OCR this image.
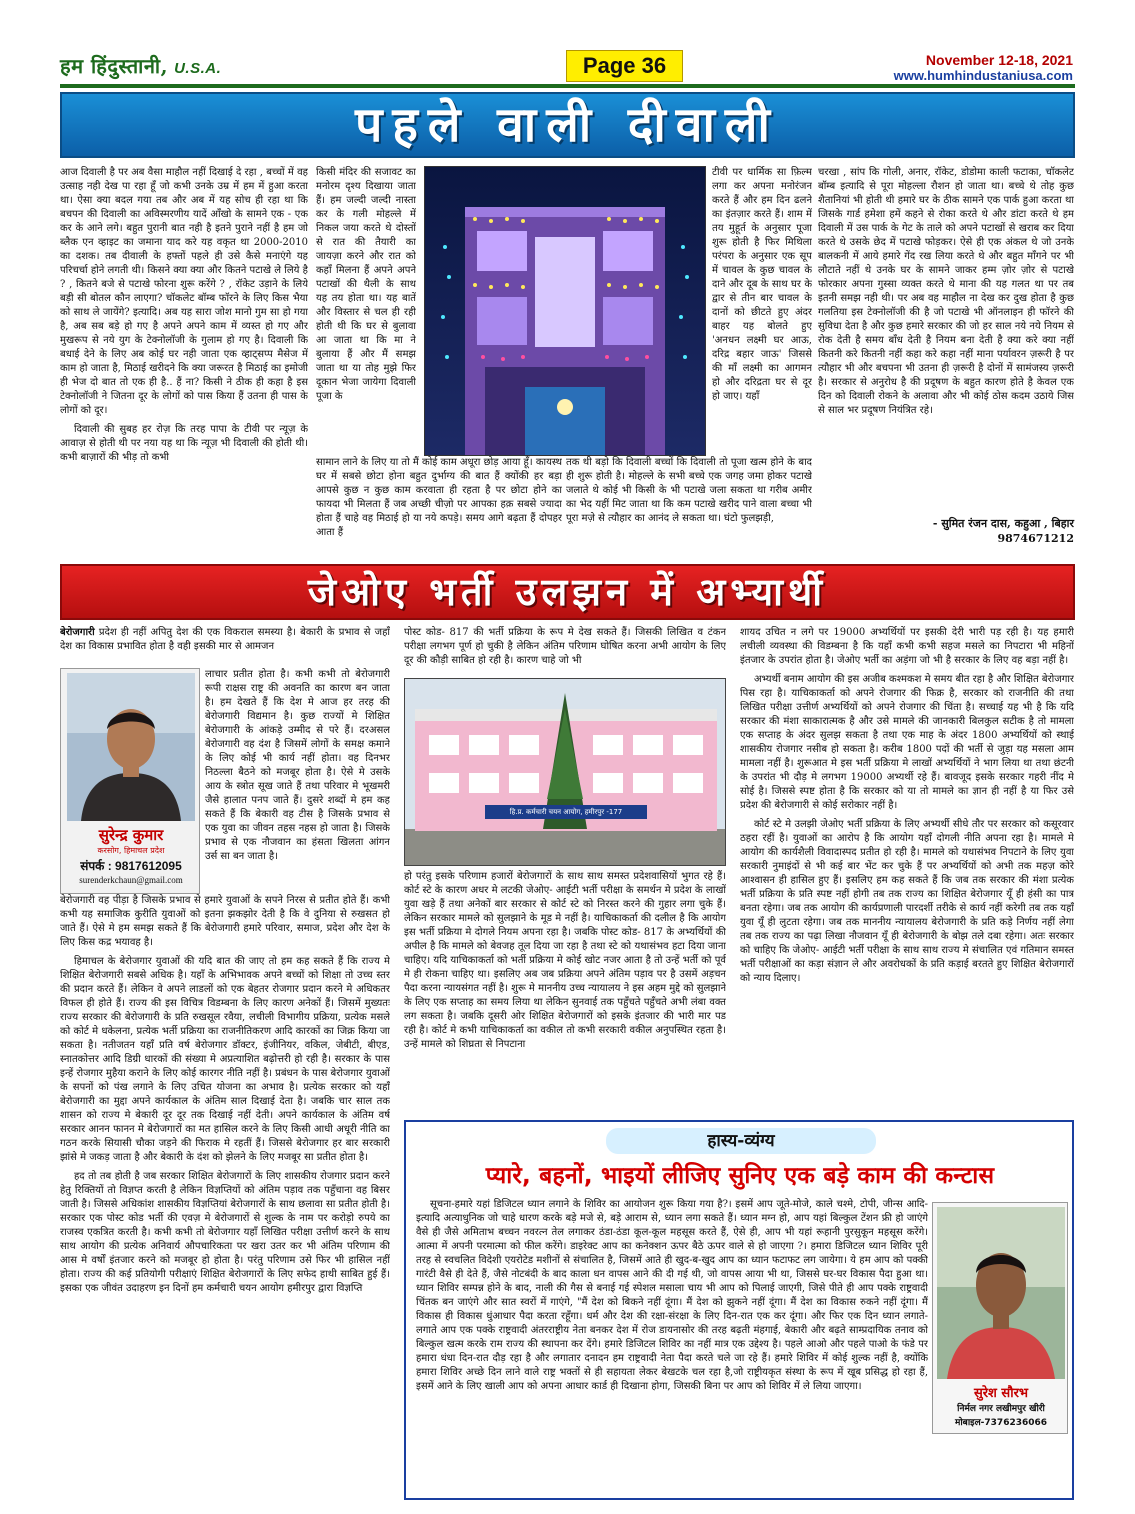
हम हिंदुस्तानी, U.S.A.	Page 36	November 12-18, 2021
www.humhindustaniusa.com
पहले वाली दीवाली

आज दिवाली है पर अब वैसा माहौल नहीं दिखाई दे रहा , बच्चों में वह उत्साह नही देख पा रहा हूँ जो कभी उनके उम्र में हम में हुआ करता था। ऐसा क्या बदल गया तब और अब में यह सोच ही रहा था कि बचपन की दिवाली का अविस्मरणीय यादें आँखो के सामने एक - एक कर के आने लगे। बहुत पुरानी बात नही है इतने पुराने नहीं है हम जो ब्लैक एन व्हाइट का जमाना याद करे यह वकृत था 2000-2010 का दशक। तब दीवाली के हफ्तों पहले ही उसे कैसे मनाएंगे यह परिचर्चा होने लगती थी। किसने क्या क्या और कितने पटाखे ले लिये है ? , कितने बजे से पटाखे फोरना शुरू करेंगे ? , रॉकेट उड़ाने के लिये बड़ी सी बोतल कौन लाएगा? चॉकलेट बॉम्ब फॉरने के लिए किस भैया को साथ ले जायेंगे? इत्यादि। अब यह सारा जोश मानो गुम सा हो गया है, अब सब बड़े हो गए है अपने अपने काम में व्यस्त हो गए और मुखरूप से नये युग के टेक्नोलॉजी के गुलाम हो गए है। दिवाली कि बधाई देने के लिए अब कोई घर नही जाता एक व्हाट्सप्प मैसेज में काम हो जाता है, मिठाई खरीदने कि क्या जरूरत है मिठाई का इमोजी ही भेज दो बात तो एक ही है.. हैं ना? किसी ने ठीक ही कहा है इस टेक्नोलॉजी ने जितना दूर के लोगों को पास किया हैं उतना ही पास के लोगों को दूर।

दिवाली की सुबह हर रोज़ कि तरह पापा के टीवी पर न्यूज़ के आवाज़ से होती थी पर नया यह था कि न्यूज़ भी दिवाली की होती थी। कभी बाज़ारों की भीड़ तो कभी

किसी मंदिर की सजावट का मनोरम दृश्य दिखाया जाता हैं। हम जल्दी जल्दी नास्ता कर के गली मोहल्ले में निकल जया करते थे दोस्तों से रात की तैयारी का जायज़ा करने और रात को कहाँ मिलना हैं अपने अपने पटाखों की थैली के साथ यह तय होता था। यह बातें और विस्तार से चल ही रही होती थी कि घर से बुलावा आ जाता था कि मा ने बुलाया हैं और मैं समझ जाता था या तोह मुझे फिर दूकान भेजा जायेगा दिवाली पूजा के

टीवी पर धार्मिक सा फ़िल्म लगा कर अपना मनोरंजन करते हैं और हम दिन ढलने का इंतज़ार करते हैं। शाम में तय मुहूर्त के अनुसार पूजा शुरू होती है फिर मिथिला परंपरा के अनुसार एक सूप में चावल के कुछ चावल के दाने और दूब के साथ घर के द्वार से तीन बार चावल के दानों को छीटते हुए अंदर बाहर यह बोलते हुए 'अनधन लक्ष्मी घर आऊ, दरिद्र बहार जाऊ' जिससे की माँ लक्ष्मी का आगमन हो और दरिद्रता घर से दूर हो जाए। यहाँ

सामान लाने के लिए या तो मैं कोई काम अधूरा छोड़ आया हूँ। कायस्थ घर में सबसे छोटा होना बहुत दुर्भाग्य की बात हैं क्योंकी हर बड़ा आपसे कुछ न कुछ काम करवाता ही रहता है पर छोटा होने का फायदा भी मिलता हैं जब अच्छी चीज़ो पर आपका हक़ सबसे ज्यादा होता हैं चाहे वह मिठाई हो या नये कपड़े। समय आगे बढ़ता हैं दोपहर आता हैं

तक थी बड़ो कि दिवाली बच्चों कि दिवाली तो पूजा खत्म होने के बाद ही शुरू होती है। मोहल्ले के सभी बच्चे एक जगह जमा होकर पटाखे जलाते थे कोई भी किसी के भी पटाखे जला सकता था गरीब अमीर का भेद यहीं मिट जाता था कि कम पटाखे खरीद पाने वाला बच्चा भी पूरा मज़े से त्यौहार का आनंद ले सकता था। घंटो फुलझड़ी,

चरखा , सांप कि गोली, अनार, रॉकेट, डोडोमा काली फटाका, चॉकलेट बॉम्ब इत्यादि से पूरा मोहल्ला रौशन हो जाता था। बच्चे थे तोह कुछ शैतानियां भी होती थी हमारे घर के ठीक सामने एक पार्क हुआ करता था जिसके गार्ड हमेशा हमें कहने से रोका करते थे और डांटा करते थे हम दिवाली में उस पार्क के गेट के ताले को अपने पटाखों से खराब कर दिया करते थे उसके छेद में पटाखे फोड़कर। ऐसे ही एक अंकल थे जो उनके बालकनी में आये हमारे गेंद रख लिया करते थे और बहुत माँगने पर भी लौटाते नहीं थे उनके घर के सामने जाकर हम्म ज़ोर ज़ोर से पटाखे फोरकार अपना गुस्सा व्यक्त करते थे माना की यह गलत था पर तब इतनी समझ नही थी। पर अब वह माहौल ना देख कर दुख होता है कुछ गलतिया इस टेक्नोलॉजी की है जो पटाखे भी ऑनलाइन ही फॉरने की सुविधा देता है और कुछ हमारे सरकार की जो हर साल नये नये नियम से रोक देती है समय बाँध देती है नियम बना देती है क्या करे क्या नहीं कितनी करे कितनी नहीं कहा करे कहा नहीं माना पर्यावरन ज़रूरी है पर त्यौहार भी और बचपना भी उतना ही ज़रूरी है दोनों में सामंजस्य ज़रूरी है। सरकार से अनुरोध है की प्रदूषण के बहुत कारण होते है केवल एक दिन को दिवाली रोकने के अलावा और भी कोई ठोस कदम उठाये जिस से साल भर प्रदूषण नियंत्रित रहे।

- सुमित रंजन दास, कहुआ , बिहार
9874671212
जेओए भर्ती उलझन में अभ्यार्थी

बेरोजगारी प्रदेश ही नहीं अपितु देश की एक विकराल समस्या है। बेकारी के प्रभाव से जहाँ देश का विकास प्रभावित होता है वही इसकी मार से आमजन

सुरेन्द्र कुमार
करसोग, हिमाचल प्रदेश
संपर्क : 9817612095
surenderkchaun@gmail.com

लाचार प्रतीत होता है। कभी कभी तो बेरोजगारी रूपी राक्षस राष्ट्र की अवनति का कारण बन जाता है। हम देखते हैं कि देश मे आज हर तरह की बेरोजगारी विद्यमान है। कुछ राज्यों मे शिक्षित बेरोजगारी के आंकड़े उम्मीद से परे हैं। दरअसल बेरोजगारी वह दंश है जिसमें लोगों के समक्ष कमाने के लिए कोई भी कार्य नहीं होता। वह दिनभर निठल्ला बैठने को मजबूर होता है। ऐसे मे उसके आय के स्त्रोत सूख जाते हैं तथा परिवार मे भूखमरी जैसे हालात पनप जाते हैं। दुसरे शब्दों मे हम कह सकते हैं कि बेकारी वह टीस है जिसके प्रभाव से एक युवा का जीवन तहस नहस हो जाता है। जिसके प्रभाव से एक नौजवान का हंसता खिलता आंगन उर्स सा बन जाता है।

बेरोजगारी वह पीड़ा है जिसके प्रभाव से हमारे युवाओं के सपने निरस से प्रतीत होते हैं। कभी कभी यह समाजिक कुरीति युवाओं को इतना झकझोर देती है कि वे दुनिया से रुखसत हो जाते हैं। ऐसे मे हम समझ सकते हैं कि बेरोजगारी हमारे परिवार, समाज, प्रदेश और देश के लिए किस कद्र भयावह है।

हिमाचल के बेरोजगार युवाओं की यदि बात की जाए तो हम कह सकते हैं कि राज्य मे शिक्षित बेरोजगारी सबसे अधिक है। यहाँ के अभिभावक अपने बच्चों को शिक्षा तो उच्च स्तर की प्रदान करते हैं। लेकिन वे अपने लाडलों को एक बेहतर रोजगार प्रदान करने मे अधिकतर विफल ही होते हैं। राज्य की इस विचित्र विडम्बना के लिए कारण अनेकों हैं। जिसमें मुख्यतः राज्य सरकार की बेरोजगारी के प्रति रुखसूल रवैया, लचीली विभागीय प्रक्रिया, प्रत्येक मसले को कोर्ट मे धकेलना, प्रत्येक भर्ती प्रक्रिया का राजनीतिकरण आदि कारकों का जिक्र किया जा सकता है। नतीजतन यहाँ प्रति वर्ष बेरोजगार डॉक्टर, इंजीनियर, वकिल, जेबीटी, बीएड, स्नातकोत्तर आदि डिग्री धारकों की संख्या मे अप्रत्याशित बढ़ोत्तरी हो रही है। सरकार के पास इन्हें रोजगार मुहैया कराने के लिए कोई कारगर नीति नहीं है। प्रबंधन के पास बेरोजगार युवाओं के सपनों को पंख लगाने के लिए उचित योजना का अभाव है। प्रत्येक सरकार को यहाँ बेरोजगारी का मुद्दा अपने कार्यकाल के अंतिम साल दिखाई देता है। जबकि चार साल तक शासन को राज्य मे बेकारी दूर दूर तक दिखाई नहीं देती। अपने कार्यकाल के अंतिम वर्ष सरकार आनन फानन मे बेरोजगारों का मत हासिल करने के लिए किसी आधी अधूरी नीति का गठन करके सियासी चौका जड़ने की फिराक मे रहतीं हैं। जिससे बेरोजगार हर बार सरकारी झांसे मे जकड़ जाता है और बेकारी के दंश को झेलने के लिए मजबूर सा प्रतीत होता है।

हद तो तब होती है जब सरकार शिक्षित बेरोजगारों के लिए शासकीय रोजगार प्रदान करने हेतु रिक्तियों तो विज्ञप्त करती है लेकिन विज्ञप्तियों को अंतिम पड़ाव तक पहुँचाना वह बिसर जाती है। जिससे अधिकांश शासकीय विज्ञप्तियां बेरोजगारों के साथ छलावा सा प्रतीत होती है। सरकार एक पोस्ट कोड भर्ती की एवज़ मे बेरोजगारों से शुल्क के नाम पर करोड़ो रुपये का राजस्व एकत्रित करती है। कभी कभी तो बेरोजगार यहाँ लिखित परीक्षा उत्तीर्ण करने के साथ साथ आयोग की प्रत्येक अनिवार्य औपचारिकता पर खरा उतर कर भी अंतिम परिणाम की आस मे वर्षों इंतजार करने को मजबूर हो होता है। परंतु परिणाम उसे फिर भी हासिल नहीं होता। राज्य की कई प्रतियोगी परीक्षाएं शिक्षित बेरोजगारों के लिए सफेद हाथी साबित हुई हैं। इसका एक जीवंत उदाहरण इन दिनों हम कर्मचारी चयन आयोग हमीरपुर द्वारा विज्ञप्ति

पोस्ट कोड- 817 की भर्ती प्रक्रिया के रूप मे देख सकते हैं। जिसकी लिखित व टंकन परीक्षा लगभग पूर्ण हो चुकी है लेकिन अंतिम परिणाम घोषित करना अभी आयोग के लिए दूर की कौड़ी साबित हो रही है। कारण चाहे जो भी

हि.प्र. कर्मचारी चयन आयोग, हमीरपुर -177

हो परंतु इसके परिणाम हजारों बेरोजगारों के साथ साथ समस्त प्रदेशवासियों भुगत रहे हैं। कोर्ट स्टे के कारण अधर मे लटकी जेओए- आईटी भर्ती परीक्षा के समर्थन मे प्रदेश के लाखों युवा खड़े हैं तथा अनेकों बार सरकार से कोर्ट स्टे को निरस्त करने की गुहार लगा चुके हैं। लेकिन सरकार मामले को सुलझाने के मूड मे नहीं है। याचिकाकर्ता की दलील है कि आयोग इस भर्ती प्रक्रिया मे दोगले नियम अपना रहा है। जबकि पोस्ट कोड- 817 के अभ्यर्थियों की अपील है कि मामले को बेवजह तूल दिया जा रहा है तथा स्टे को यथासंभव हटा दिया जाना चाहिए। यदि याचिकाकर्ता को भर्ती प्रक्रिया मे कोई खोट नजर आता है तो उन्हें भर्ती को पूर्व मे ही रोकना चाहिए था। इसलिए अब जब प्रक्रिया अपने अंतिम पड़ाव पर है उसमें अड़चन पैदा करना न्यायसंगत नहीं है। शुरू मे माननीय उच्च न्यायालय ने इस अहम मुद्दे को सुलझाने के लिए एक सप्ताह का समय लिया था लेकिन सुनवाई तक पहुँचते पहुँचते अभी लंबा वक्त लग सकता है। जबकि दूसरी ओर शिक्षित बेरोजगारों को इसके इंतजार की भारी मार पड रही है। कोर्ट मे कभी याचिकाकर्ता का वकील तो कभी सरकारी वकील अनुपस्थित रहता है। उन्हें मामले को शिघ्रता से निपटाना

शायद उचित न लगे पर 19000 अभ्यर्थियों पर इसकी देरी भारी पड़ रही है। यह हमारी लचीली व्यवस्था की विडम्बना है कि यहाँ कभी कभी सहज मसले का निपटारा भी महिनों इंतजार के उपरांत होता है। जेओए भर्ती का अड़ंगा जो भी है सरकार के लिए वह बड़ा नहीं है।

अभ्यर्थी बनाम आयोग की इस अजीब कश्मकश मे समय बीत रहा है और शिक्षित बेरोजगार पिस रहा है। याचिकाकर्ता को अपने रोजगार की फिक्र है, सरकार को राजनीति की तथा लिखित परीक्षा उत्तीर्ण अभ्यर्थियों को अपने रोजगार की चिंता है। सच्चाई यह भी है कि यदि सरकार की मंशा साकारात्मक है और उसे मामले की जानकारी बिलकुल सटीक है तो मामला एक सप्ताह के अंदर सुलझ सकता है तथा एक माह के अंदर 1800 अभ्यर्थियों को स्थाई शासकीय रोजगार नसीब हो सकता है। करीब 1800 पदों की भर्ती से जुड़ा यह मसला आम मामला नहीं है। शुरूआत मे इस भर्ती प्रक्रिया मे लाखों अभ्यर्थियों ने भाग लिया था तथा छंटनी के उपरांत भी दौड़ मे लगभग 19000 अभ्यर्थी रहे हैं। बावजूद इसके सरकार गहरी नींद मे सोई है। जिससे स्पष्ट होता है कि सरकार को या तो मामले का ज्ञान ही नहीं है या फिर उसे प्रदेश की बेरोजगारी से कोई सरोकार नहीं है।

कोर्ट स्टे मे उलझी जेओए भर्ती प्रक्रिया के लिए अभ्यर्थी सीधे तौर पर सरकार को कसूरवार ठहरा रहीं है। युवाओं का आरोप है कि आयोग यहाँ दोगली नीति अपना रहा है। मामले मे आयोग की कार्यशैली विवादास्पद प्रतीत हो रही है। मामले को यथासंभव निपटाने के लिए युवा सरकारी नुमाइंदों से भी कई बार भेंट कर चुके हैं पर अभ्यर्थियों को अभी तक महज़ कोरे आश्वासन ही हासिल हुए हैं। इसलिए हम कह सकते हैं कि जब तक सरकार की मंशा प्रत्येक भर्ती प्रक्रिया के प्रति स्पष्ट नहीं होगी तब तक राज्य का शिक्षित बेरोजगार यूँ ही हंसी का पात्र बनता रहेगा। जब तक आयोग की कार्यप्रणाली पारदर्शी तरीके से कार्य नहीं करेगी तब तक यहाँ युवा यूँ ही लुटता रहेगा। जब तक माननीय न्यायालय बेरोजगारी के प्रति कड़े निर्णय नहीं लेगा तब तक राज्य का पढ़ा लिखा नौजवान यूँ ही बेरोजगारी के बोझ तले दबा रहेगा। अतः सरकार को चाहिए कि जेओए- आईटी भर्ती परीक्षा के साथ साथ राज्य मे संचालित एवं गतिमान समस्त भर्ती परीक्षाओं का कड़ा संज्ञान ले और अवरोधकों के प्रति कड़ाई बरतते हुए शिक्षित बेरोजगारों को न्याय दिलाए।

हास्य-व्यंग्य
प्यारे, बहनों, भाइयों लीजिए सुनिए एक बड़े काम की कन्टास

सूचना-हमारे यहां डिजिटल ध्यान लगाने के शिविर का आयोजन शुरू किया गया है?। इसमें आप जूते-मोजे, काले चश्मे, टोपी, जीन्स आदि-इत्यादि अत्याधुनिक जो चाहे धारण करके बड़े मजे से, बड़े आराम से, ध्यान लगा सकते हैं। ध्यान मग्न हो, आप यहां बिल्कुल टेंशन फ्री हो जाएंगे वैसे ही जैसे अमिताभ बच्चन नवरत्न तेल लगाकर ठंडा-ठंडा कूल-कूल महसूस करते हैं, ऐसे ही, आप भी यहां रूहानी पुरसुकून महसूस करेंगे। आत्मा में अपनी परमात्मा को फील करेंगे। डाइरेक्ट आप का कनेक्शन ऊपर बैठे ऊपर वाले से हो जाएगा ?। हमारा डिजिटल ध्यान शिविर पूरी तरह से स्वचलित विदेशी एयरोटेड मशीनों से संचालित है, जिसमें आते ही खुद-ब-खुद आप का ध्यान फटाफट लग जायेगा। ये हम आप को पक्की गारंटी वैसे ही देते हैं, जैसे नोटबंदी के बाद काला धन वापस आने की दी गई थी, जो वापस आया भी था, जिससे घर-घर विकास पैदा हुआ था। ध्यान शिविर सम्पन्न होने के बाद, नाली की गैस से बनाई गई स्पेशल मसाला चाय भी आप को पिलाई जाएगी, जिसे पीते ही आप पक्के राष्ट्रवादी चिंतक बन जाएंगे और सात स्वरों में गाएंगे, "मैं देश को बिकने नहीं दूंगा। मैं देश को झुकने नहीं दूंगा। मैं देश का विकास रुकने नहीं दूंगा। मैं विकास ही विकास धुंआधार पैदा करता रहूँगा। धर्म और देश की रक्षा-संरक्षा के लिए दिन-रात एक कर दूंगा। और फिर एक दिन ध्यान लगाते-लगाते आप एक पक्के राष्ट्रवादी अंतरराष्ट्रीय नेता बनकर देश में रोज डायनासोर की तरह बढ़ती मंहगाई, बेकारी और बढ़ते साम्प्रदायिक तनाव को बिल्कुल खत्म करके राम राज्य की स्थापना कर देंगे। हमारे डिजिटल शिविर का नहीं मात्र एक उद्देश्य है। पहले आओ और पहले पाओ के फंडे पर हमारा धंधा दिन-रात दौड़ रहा है और लगातार दनादन हम राष्ट्रवादी नेता पैदा करते चले जा रहे हैं। हमारे शिविर में कोई शुल्क नहीं है, क्योंकि हमारा शिविर अच्छे दिन लाने वाले राष्ट्र भक्तों से ही सहायता लेकर बेखटके चल रहा है,जो राष्ट्रीयकृत संस्था के रूप में खूब प्रसिद्ध हो रहा हैं, इसमें आने के लिए खाली आप को अपना आधार कार्ड ही दिखाना होगा, जिसकी बिना पर आप को शिविर में ले लिया जाएगा।	सुरेश सौरभ
निर्मल नगर लखीमपुर खीरी
मोबाइल-7376236066
